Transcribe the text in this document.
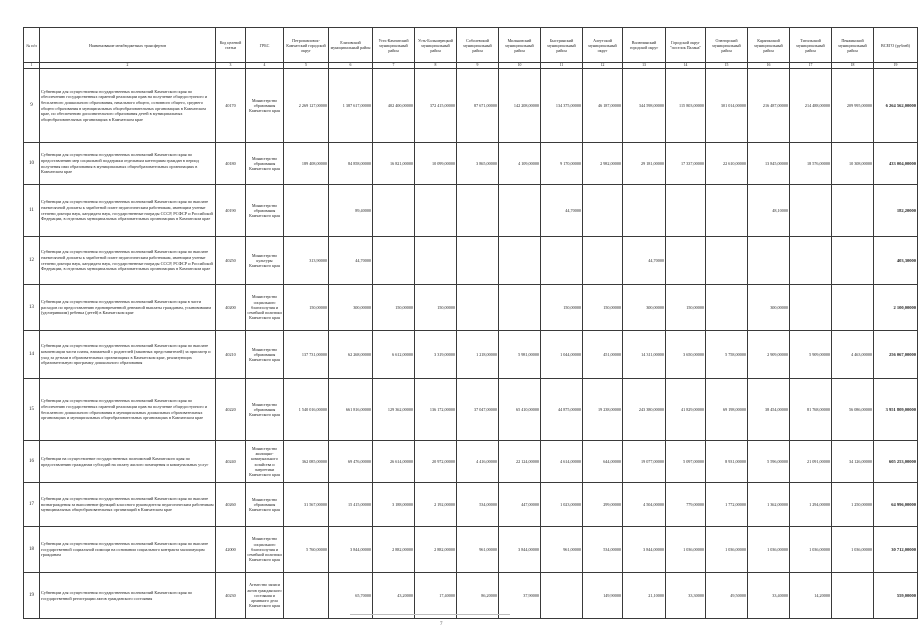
№ п/п	Наименование межбюджетных трансфертов	Код целевой статьи	ГРБС	Петропавловск-Камчатский городской округ	Елизовский муниципальный район	Усть-Камчатский муниципальный район	Усть-Большерецкий муниципальный район	Соболевский муниципальный район	Мильковский муниципальный район	Быстринский муниципальный район	Алеутский муниципальный округ	Вилючинский городской округ	Городской округ "поселок Палана"	Олюторский муниципальный район	Карагинский муниципальный район	Тигильский муниципальный район	Пенжинский муниципальный район	ВСЕГО (рублей)
1	2	3	4	5	6	7	8	9	10	11	12	13	14	15	16	17	18	19
9	Субвенции для осуществления государственных полномочий Камчатского края по обеспечению государственных гарантий реализации прав на получение общедоступного и бесплатного дошкольного образования, начального общего, основного общего, среднего общего образования в муниципальных общеобразовательных организациях в Камчатском крае, по обеспечению дополнительного образования детей в муниципальных общеобразовательных организациях в Камчатском крае	40170	Министерство образования Камчатского края	2 269 127,00000	1 387 617,00000	402 400,00000	372 415,00000	87 671,00000	142 208,00000	134 375,00000	46 187,00000	344 598,00000	115 803,00000	301 014,00000	216 487,00000	214 488,00000	209 995,00000	6 264 562,00000
10	Субвенции для осуществления государственных полномочий Камчатского края по предоставлению мер социальной поддержки отдельным категориям граждан в период получения ими образования в муниципальных общеобразовательных организациях в Камчатском крае	40180	Министерство образования Камчатского края	189 408,00000	84 858,00000	16 821,00000	10 099,00000	3 865,00000	4 109,00000	9 170,00000	2 982,00000	29 181,00000	17 337,00000	22 610,00000	13 845,00000	18 576,00000	10 308,00000	433 004,00000
11	Субвенции для осуществления государственных полномочий Камчатского края по выплате ежемесячной доплаты к заработной плате педагогическим работникам, имеющим ученые степени доктора наук, кандидата наук, государственные награды СССР, РСФСР и Российской Федерации, в отдельных муниципальных образовательных организациях в Камчатском крае	40190	Министерство образования Камчатского края		89,40000					44,70000					48,10000			182,20000
12	Субвенции для осуществления государственных полномочий Камчатского края по выплате ежемесячной доплаты к заработной плате педагогическим работникам, имеющим ученые степени доктора наук, кандидата наук, государственные награды СССР, РСФСР и Российской Федерации, в отдельных муниципальных образовательных организациях в Камчатском крае	40250	Министерство культуры Камчатского края	313,90000	44,70000							44,70000						403,30000
13	Субвенции для осуществления государственных полномочий Камчатского края в части расходов по предоставлению единовременной денежной выплаты гражданам, усыновившим (удочерившим) ребенка (детей) в Камчатском крае	40200	Министерство социального благополучия и семейной политики Камчатского края	150,00000	300,00000	150,00000	150,00000			150,00000	150,00000	300,00000	150,00000		300,00000			2 100,00000
14	Субвенции для осуществления государственных полномочий Камчатского края по выплате компенсации части платы, взимаемой с родителей (законных представителей) за присмотр и уход за детьми в образовательных организациях в Камчатском крае, реализующих образовательную программу дошкольного образования	40210	Министерство образования Камчатского края	137 731,00000	62 268,00000	6 612,00000	3 319,00000	1 218,00000	5 981,00000	1 044,00000	451,00000	14 311,00000	3 650,00000	5 758,00000	2 909,00000	5 909,00000	4 463,00000	256 067,00000
15	Субвенции для осуществления государственных полномочий Камчатского края по обеспечению государственных гарантий реализации прав на получение общедоступного и бесплатного дошкольного образования в муниципальных дошкольных образовательных организациях и муниципальных общеобразовательных организациях в Камчатском крае	40220	Министерство образования Камчатского края	1 540 016,00000	661 816,00000	129 362,00000	136 172,00000	37 047,00000	65 410,00000	44 875,00000	19 238,00000	243 380,00000	41 829,00000	69 198,00000	38 454,00000	81 768,00000	56 086,00000	3 951 809,00000
16	Субвенции на осуществление государственных полномочий Камчатского края по предоставлению гражданам субсидий на оплату жилого помещения и коммунальных услуг	40240	Министерство жилищно-коммунального хозяйства и энергетики Камчатского края	362 085,00000	69 476,00000	26 614,00000	20 972,00000	4 416,00000	22 124,00000	4 614,00000	644,00000	19 077,00000	5 097,00000	8 931,00000	5 596,00000	21 091,00000	34 126,00000	605 253,00000
17	Субвенции для осуществления государственных полномочий Камчатского края по выплате вознаграждения за выполнение функций классного руководителя педагогическим работникам муниципальных общеобразовательных организаций в Камчатском крае	40260	Министерство образования Камчатского края	31 567,00000	15 415,00000	3 188,00000	2 192,00000	534,00000	447,00000	1 023,00000	299,00000	4 504,00000	779,00000	1 772,00000	1 362,00000	1 294,00000	1 250,00000	64 996,00000
18	Субвенции для осуществления государственных полномочий Камчатского края по выплате государственной социальной помощи на основании социального контракта малоимущим гражданам	42000	Министерство социального благополучия и семейной политики Камчатского края	5 760,00000	3 844,00000	2 882,00000	2 882,00000	961,00000	3 844,00000	961,00000	534,00000	3 844,00000	1 036,00000	1 036,00000	1 036,00000	1 036,00000	1 036,00000	30 712,00000
19	Субвенции для осуществления государственных полномочий Камчатского края по государственной регистрации актов гражданского состояния	40230	Агентство записи актов гражданского состояния и архивного дела Камчатского края		65,70000	43,20000	17,40000	86,20000	37,90000		149,90000	21,10000	33,30000	49,50000	33,40000	14,20000		559,00000
7
